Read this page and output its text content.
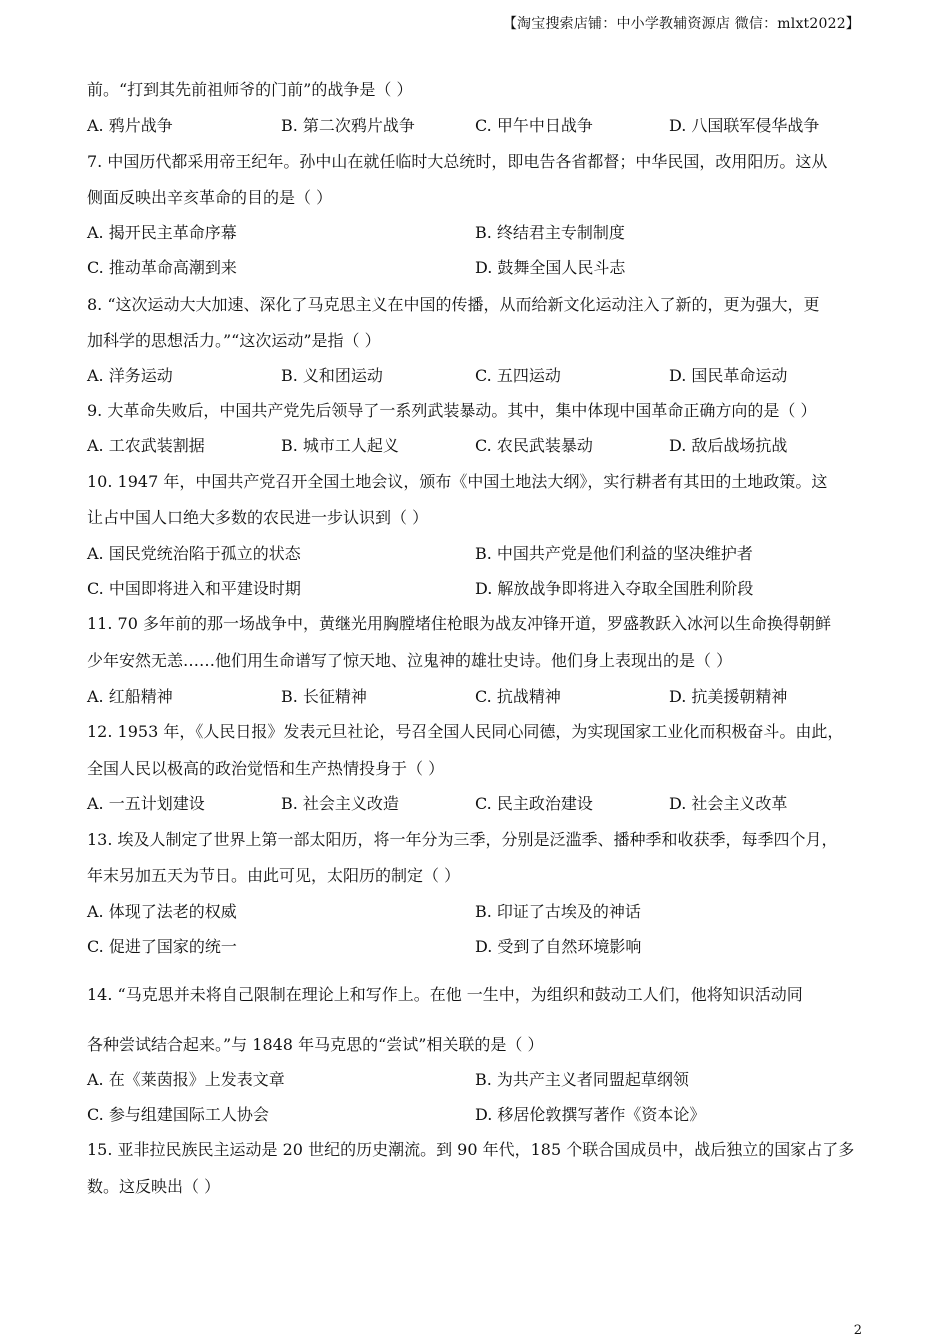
【淘宝搜索店铺：中小学教辅资源店 微信：mlxt2022】
前。“打到其先前祖师爷的门前”的战争是（ ）
A. 鸦片战争	B. 第二次鸦片战争	C. 甲午中日战争	D. 八国联军侵华战争
7. 中国历代都采用帝王纪年。孙中山在就任临时大总统时，即电告各省都督；中华民国，改用阳历。这从
侧面反映出辛亥革命的目的是（ ）
A. 揭开民主革命序幕	B. 终结君主专制制度
C. 推动革命高潮到来	D. 鼓舞全国人民斗志
8. “这次运动大大加速、深化了马克思主义在中国的传播，从而给新文化运动注入了新的，更为强大，更
加科学的思想活力。”“这次运动”是指（ ）
A. 洋务运动	B. 义和团运动	C. 五四运动	D. 国民革命运动
9. 大革命失败后，中国共产党先后领导了一系列武装暴动。其中，集中体现中国革命正确方向的是（ ）
A. 工农武装割据	B. 城市工人起义	C. 农民武装暴动	D. 敌后战场抗战
10. 1947 年，中国共产党召开全国土地会议，颁布《中国土地法大纲》，实行耕者有其田的土地政策。这
让占中国人口绝大多数的农民进一步认识到（ ）
A. 国民党统治陷于孤立的状态	B. 中国共产党是他们利益的坚决维护者
C. 中国即将进入和平建设时期	D. 解放战争即将进入夺取全国胜利阶段
11. 70 多年前的那一场战争中，黄继光用胸膛堵住枪眼为战友冲锋开道，罗盛教跃入冰河以生命换得朝鲜
少年安然无恙……他们用生命谱写了惊天地、泣鬼神的雄壮史诗。他们身上表现出的是（ ）
A. 红船精神	B. 长征精神	C. 抗战精神	D. 抗美援朝精神
12. 1953 年，《人民日报》发表元旦社论，号召全国人民同心同德，为实现国家工业化而积极奋斗。由此，
全国人民以极高的政治觉悟和生产热情投身于（ ）
A. 一五计划建设	B. 社会主义改造	C. 民主政治建设	D. 社会主义改革
13. 埃及人制定了世界上第一部太阳历，将一年分为三季，分别是泛滥季、播种季和收获季，每季四个月，
年末另加五天为节日。由此可见，太阳历的制定（ ）
A. 体现了法老的权威	B. 印证了古埃及的神话
C. 促进了国家的统一	D. 受到了自然环境影响
14. “马克思并未将自己限制在理论上和写作上。在他 一生中，为组织和鼓动工人们，他将知识活动同
各种尝试结合起来。”与 1848 年马克思的“尝试”相关联的是（ ）
A. 在《莱茵报》上发表文章	B. 为共产主义者同盟起草纲领
C. 参与组建国际工人协会	D. 移居伦敦撰写著作《资本论》
15. 亚非拉民族民主运动是 20 世纪的历史潮流。到 90 年代，185 个联合国成员中，战后独立的国家占了多
数。这反映出（ ）
2
